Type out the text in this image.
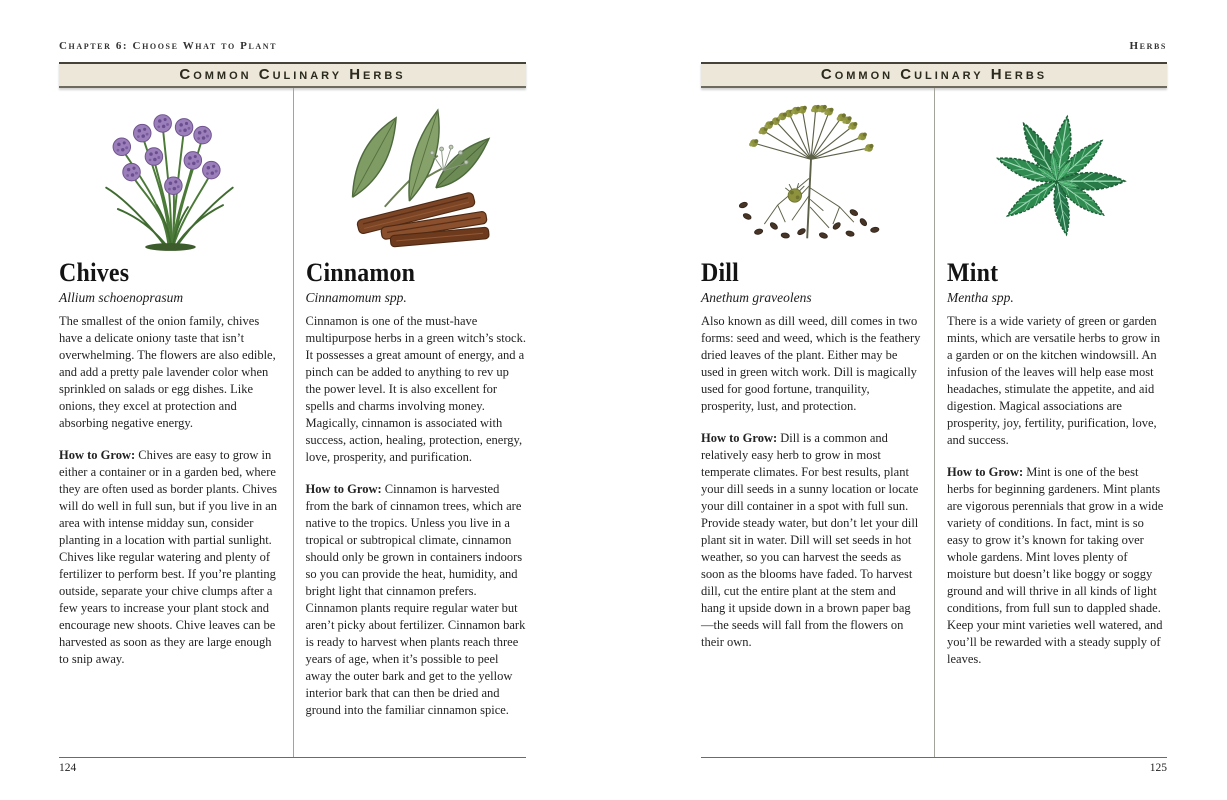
Chapter 6: Choose What to Plant
Common Culinary Herbs
Chives

Allium schoenoprasum

The smallest of the onion family, chives have a delicate oniony taste that isn’t overwhelming. The flowers are also edible, and add a pretty pale lavender color when sprinkled on salads or egg dishes. Like onions, they excel at protection and absorbing negative energy.

How to Grow: Chives are easy to grow in either a container or in a garden bed, where they are often used as border plants. Chives will do well in full sun, but if you live in an area with intense midday sun, consider planting in a location with partial sunlight. Chives like regular watering and plenty of fertilizer to perform best. If you’re planting outside, separate your chive clumps after a few years to increase your plant stock and encourage new shoots. Chive leaves can be harvested as soon as they are large enough to snip away.

Cinnamon

Cinnamomum spp.

Cinnamon is one of the must-have multipurpose herbs in a green witch’s stock. It possesses a great amount of energy, and a pinch can be added to anything to rev up the power level. It is also excellent for spells and charms involving money. Magically, cinnamon is associated with success, action, healing, protection, energy, love, prosperity, and purification.

How to Grow: Cinnamon is harvested from the bark of cinnamon trees, which are native to the tropics. Unless you live in a tropical or subtropical climate, cinnamon should only be grown in containers indoors so you can provide the heat, humidity, and bright light that cinnamon prefers. Cinnamon plants require regular water but aren’t picky about fertilizer. Cinnamon bark is ready to harvest when plants reach three years of age, when it’s possible to peel away the outer bark and get to the yellow interior bark that can then be dried and ground into the familiar cinnamon spice.

124
Herbs
Common Culinary Herbs
Dill

Anethum graveolens

Also known as dill weed, dill comes in two forms: seed and weed, which is the feathery dried leaves of the plant. Either may be used in green witch work. Dill is magically used for good fortune, tranquility, prosperity, lust, and protection.

How to Grow: Dill is a common and relatively easy herb to grow in most temperate climates. For best results, plant your dill seeds in a sunny location or locate your dill container in a spot with full sun. Provide steady water, but don’t let your dill plant sit in water. Dill will set seeds in hot weather, so you can harvest the seeds as soon as the blooms have faded. To harvest dill, cut the entire plant at the stem and hang it upside down in a brown paper bag—the seeds will fall from the flowers on their own.

Mint

Mentha spp.

There is a wide variety of green or garden mints, which are versatile herbs to grow in a garden or on the kitchen windowsill. An infusion of the leaves will help ease most headaches, stimulate the appetite, and aid digestion. Magical associations are prosperity, joy, fertility, purification, love, and success.

How to Grow: Mint is one of the best herbs for beginning gardeners. Mint plants are vigorous perennials that grow in a wide variety of conditions. In fact, mint is so easy to grow it’s known for taking over whole gardens. Mint loves plenty of moisture but doesn’t like boggy or soggy ground and will thrive in all kinds of light conditions, from full sun to dappled shade. Keep your mint varieties well watered, and you’ll be rewarded with a steady supply of leaves.

125
